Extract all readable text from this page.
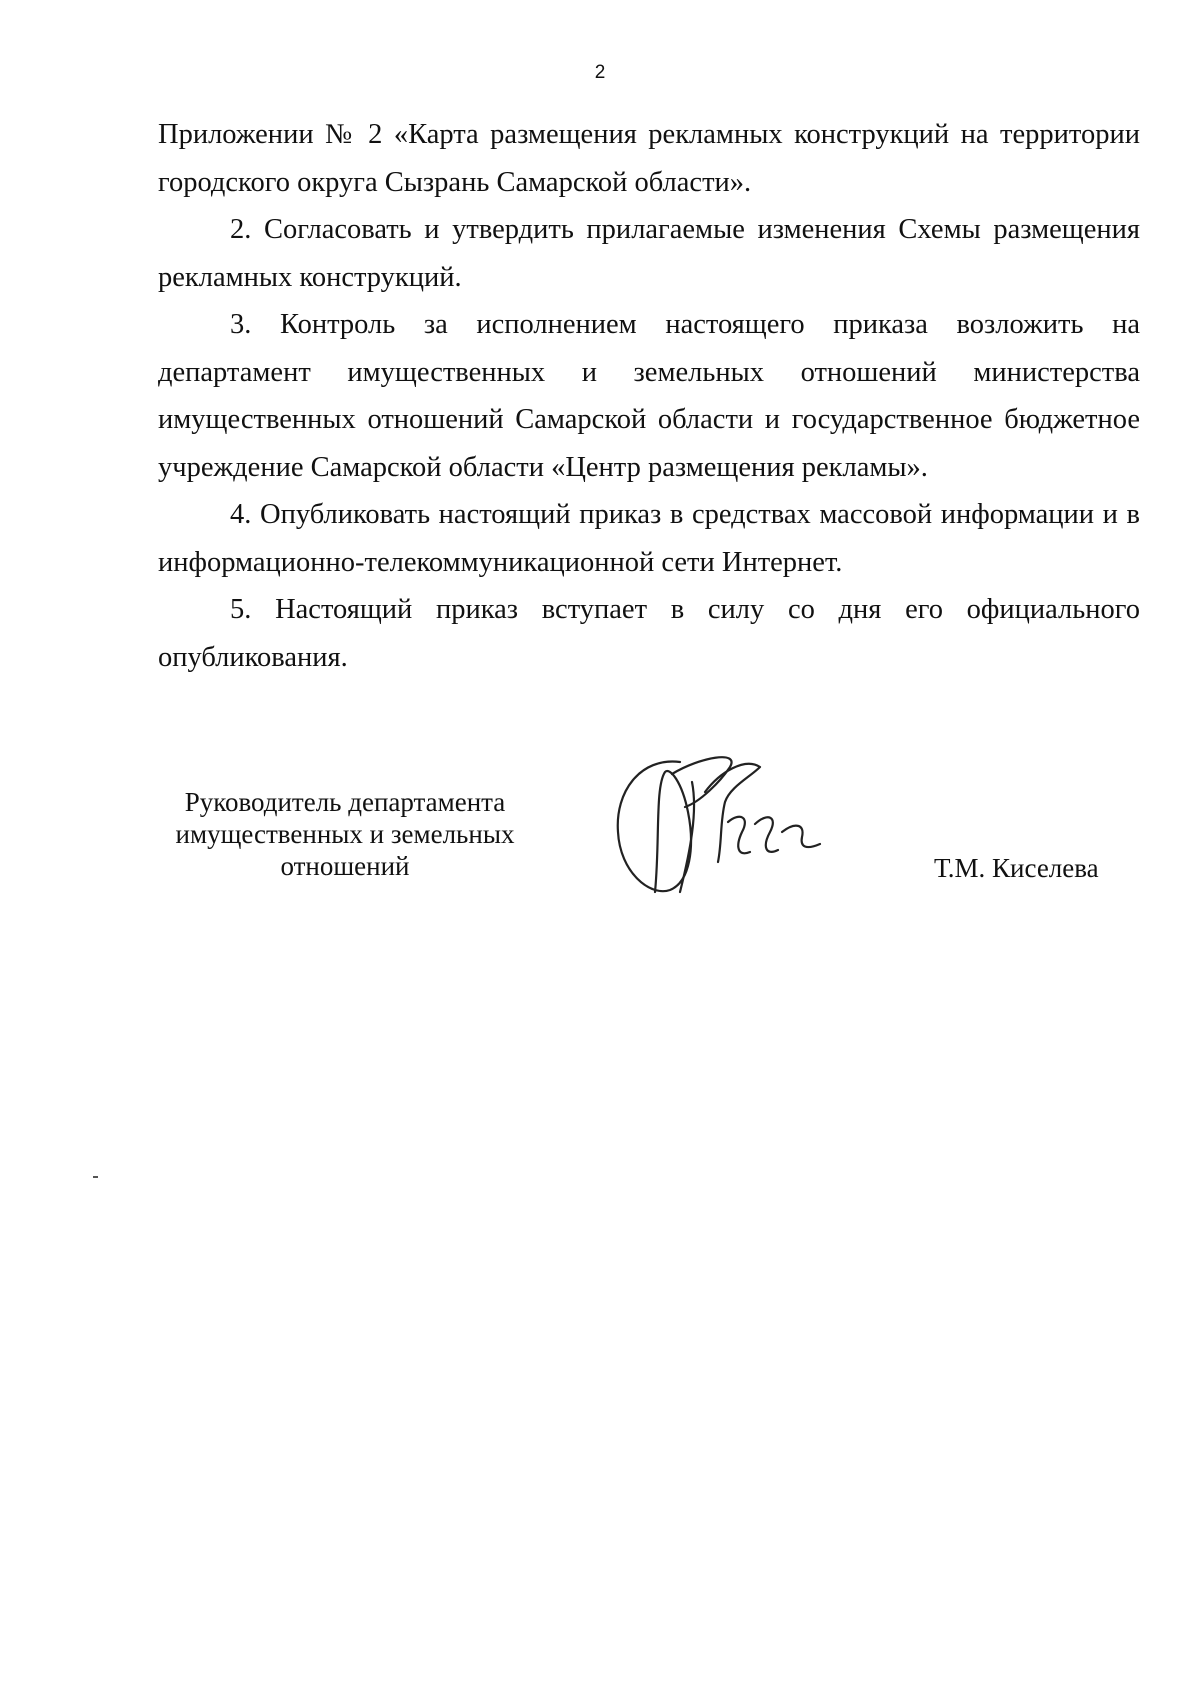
2

Приложении № 2 «Карта размещения рекламных конструкций на территории городского округа Сызрань Самарской области».

2. Согласовать и утвердить прилагаемые изменения Схемы размещения рекламных конструкций.

3. Контроль за исполнением настоящего приказа возложить на департамент имущественных и земельных отношений министерства имущественных отношений Самарской области и государственное бюджетное учреждение Самарской области «Центр размещения рекламы».

4. Опубликовать настоящий приказ в средствах массовой информации и в информационно-телекоммуникационной сети Интернет.

5. Настоящий приказ вступает в силу со дня его официального опубликования.

Руководитель департамента
имущественных и земельных
отношений	Т.М. Киселева
